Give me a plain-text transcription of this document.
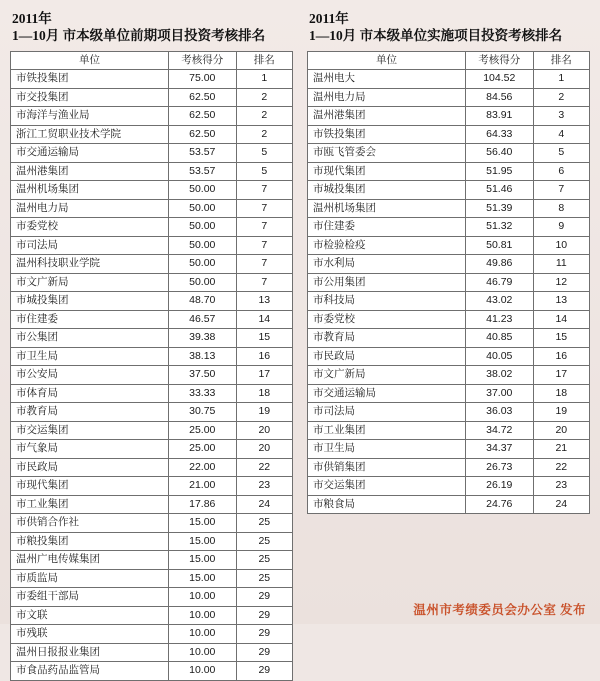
2011年
1—10月 市本级单位前期项目投资考核排名
单位	考核得分	排名
市铁投集团	75.00	1
市交投集团	62.50	2
市海洋与渔业局	62.50	2
浙江工贸职业技术学院	62.50	2
市交通运输局	53.57	5
温州港集团	53.57	5
温州机场集团	50.00	7
温州电力局	50.00	7
市委党校	50.00	7
市司法局	50.00	7
温州科技职业学院	50.00	7
市文广新局	50.00	7
市城投集团	48.70	13
市住建委	46.57	14
市公集团	39.38	15
市卫生局	38.13	16
市公安局	37.50	17
市体育局	33.33	18
市教育局	30.75	19
市交运集团	25.00	20
市气象局	25.00	20
市民政局	22.00	22
市现代集团	21.00	23
市工业集团	17.86	24
市供销合作社	15.00	25
市粮投集团	15.00	25
温州广电传媒集团	15.00	25
市质监局	15.00	25
市委组干部局	10.00	29
市文联	10.00	29
市残联	10.00	29
温州日报报业集团	10.00	29
市食品药品监管局	10.00	29
2011年
1—10月 市本级单位实施项目投资考核排名
单位	考核得分	排名
温州电大	104.52	1
温州电力局	84.56	2
温州港集团	83.91	3
市铁投集团	64.33	4
市瓯飞管委会	56.40	5
市现代集团	51.95	6
市城投集团	51.46	7
温州机场集团	51.39	8
市住建委	51.32	9
市检验检疫	50.81	10
市水利局	49.86	11
市公用集团	46.79	12
市科技局	43.02	13
市委党校	41.23	14
市教育局	40.85	15
市民政局	40.05	16
市文广新局	38.02	17
市交通运输局	37.00	18
市司法局	36.03	19
市工业集团	34.72	20
市卫生局	34.37	21
市供销集团	26.73	22
市交运集团	26.19	23
市粮食局	24.76	24
温州市考绩委员会办公室 发布
